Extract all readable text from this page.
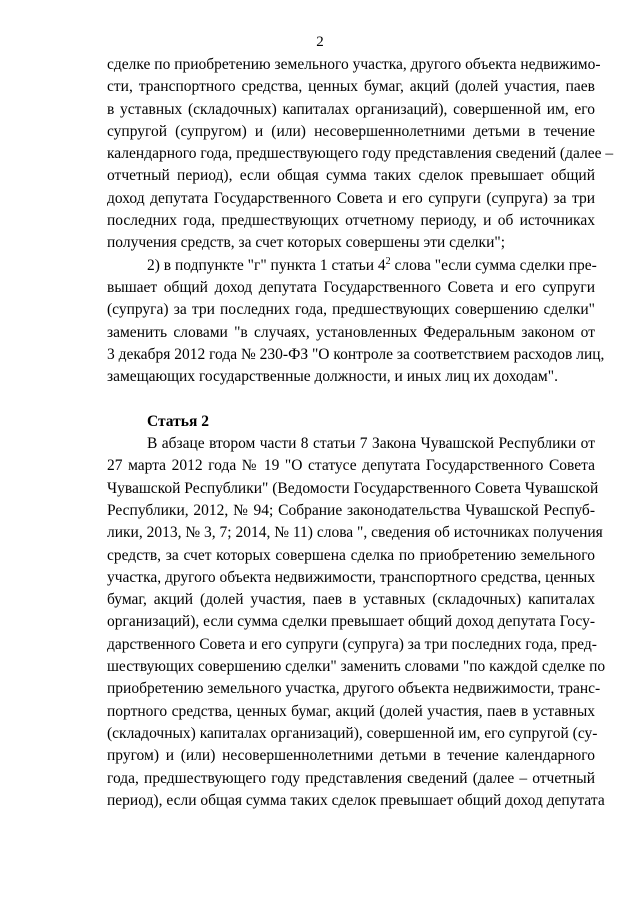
2
сделке по приобретению земельного участка, другого объекта недвижимо-
сти, транспортного средства, ценных бумаг, акций (долей участия, паев
в уставных (складочных) капиталах организаций), совершенной им, его
супругой (супругом) и (или) несовершеннолетними детьми в течение
календарного года, предшествующего году представления сведений (далее –
отчетный период), если общая сумма таких сделок превышает общий
доход депутата Государственного Совета и его супруги (супруга) за три
последних года, предшествующих отчетному периоду, и об источниках
получения средств, за счет которых совершены эти сделки";
2) в подпункте "г" пункта 1 статьи $4^2$ слова "если сумма сделки пре-
вышает общий доход депутата Государственного Совета и его супруги
(супруга) за три последних года, предшествующих совершению сделки"
заменить словами "в случаях, установленных Федеральным законом от
3 декабря 2012 года № 230-ФЗ "О контроле за соответствием расходов лиц,
замещающих государственные должности, и иных лиц их доходам".
Статья 2
В абзаце втором части 8 статьи 7 Закона Чувашской Республики от
27 марта 2012 года № 19 "О статусе депутата Государственного Совета
Чувашской Республики" (Ведомости Государственного Совета Чувашской
Республики, 2012, № 94; Собрание законодательства Чувашской Респуб-
лики, 2013, № 3, 7; 2014, № 11) слова ", сведения об источниках получения
средств, за счет которых совершена сделка по приобретению земельного
участка, другого объекта недвижимости, транспортного средства, ценных
бумаг, акций (долей участия, паев в уставных (складочных) капиталах
организаций), если сумма сделки превышает общий доход депутата Госу-
дарственного Совета и его супруги (супруга) за три последних года, пред-
шествующих совершению сделки" заменить словами "по каждой сделке по
приобретению земельного участка, другого объекта недвижимости, транс-
портного средства, ценных бумаг, акций (долей участия, паев в уставных
(складочных) капиталах организаций), совершенной им, его супругой (су-
пругом) и (или) несовершеннолетними детьми в течение календарного
года, предшествующего году представления сведений (далее – отчетный
период), если общая сумма таких сделок превышает общий доход депутата
